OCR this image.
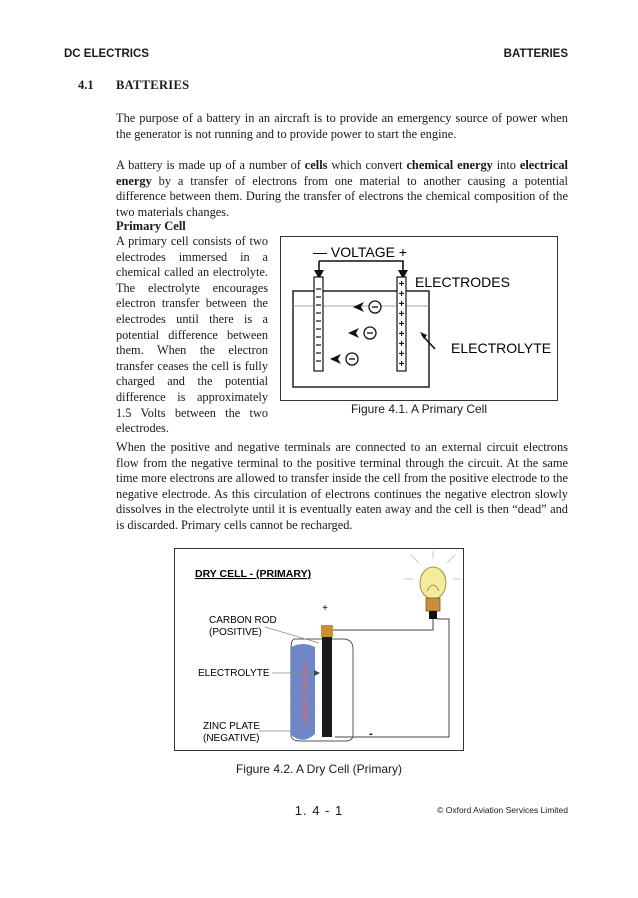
DC ELECTRICS	BATTERIES
4.1 BATTERIES

The purpose of a battery in an aircraft is to provide an emergency source of power when the generator is not running and to provide power to start the engine.

A battery is made up of a number of cells which convert chemical energy into electrical energy by a transfer of electrons from one material to another causing a potential difference between them. During the transfer of electrons the chemical composition of the two materials changes.

Primary Cell

A primary cell consists of two electrodes immersed in a chemical called an electrolyte. The electrolyte encourages electron transfer between the electrodes until there is a potential difference between them. When the electron transfer ceases the cell is fully charged and the potential difference is approximately 1.5 Volts between the two electrodes.

— VOLTAGE +
+
+
+
+
+
+
+
+
+
ELECTRODES
ELECTROLYTE
Figure 4.1. A Primary Cell

When the positive and negative terminals are connected to an external circuit electrons flow from the negative terminal to the positive terminal through the circuit. At the same time more electrons are allowed to transfer inside the cell from the positive electrode to the negative electrode. As this circulation of electrons continues the negative electron slowly dissolves in the electrolyte until it is eventually eaten away and the cell is then “dead” and is discarded. Primary cells cannot be recharged.

DRY CELL - (PRIMARY)
NEVER READY
+
-
CARBON ROD
(POSITIVE)
ELECTROLYTE
ZINC PLATE
(NEGATIVE)
Figure 4.2. A Dry Cell (Primary)
1. 4 - 1	© Oxford Aviation Services Limited
